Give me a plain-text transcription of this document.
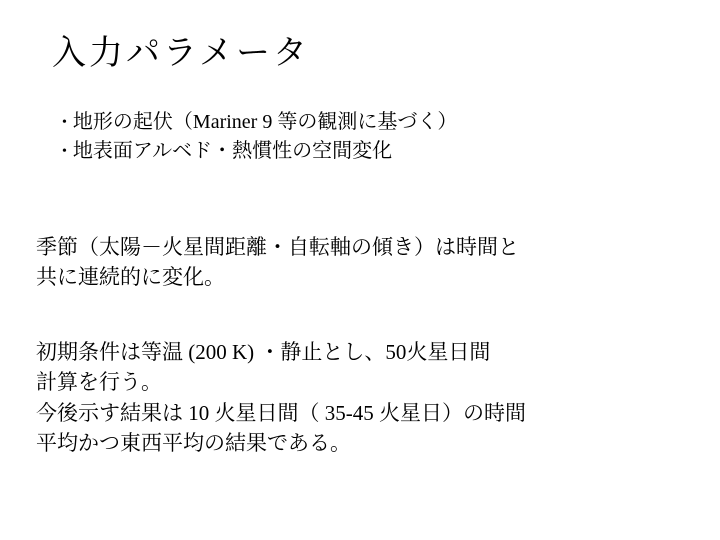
入力パラメータ
• 地形の起伏（Mariner 9 等の観測に基づく）
• 地表面アルベド・熱慣性の空間変化
季節（太陽－火星間距離・自転軸の傾き）は時間と
共に連続的に変化。
初期条件は等温 (200 K) ・静止とし、50火星日間
計算を行う。
今後示す結果は 10 火星日間（ 35-45 火星日）の時間
平均かつ東西平均の結果である。
